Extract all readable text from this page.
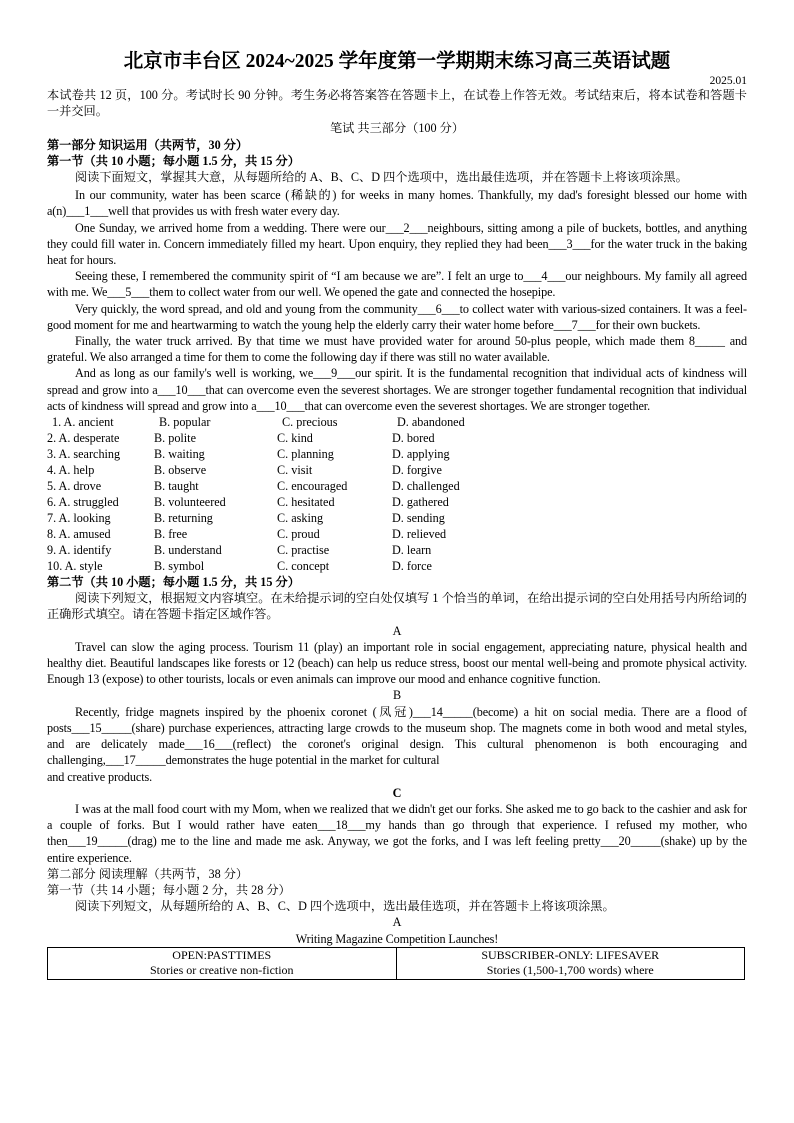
北京市丰台区 2024~2025 学年度第一学期期末练习高三英语试题

2025.01

本试卷共 12 页，100 分。考试时长 90 分钟。考生务必将答案答在答题卡上，在试卷上作答无效。考试结束后，将本试卷和答题卡一并交回。

笔试 共三部分（100 分）

第一部分 知识运用（共两节，30 分）

第一节（共 10 小题；每小题 1.5 分，共 15 分）

阅读下面短文，掌握其大意，从每题所给的 A、B、C、D 四个选项中，选出最佳选项，并在答题卡上将该项涂黑。

In our community, water has been scarce (稀缺的) for weeks in many homes. Thankfully, my dad's foresight blessed our home with a(n)___1___well that provides us with fresh water every day.

One Sunday, we arrived home from a wedding. There were our___2___neighbours, sitting among a pile of buckets, bottles, and anything they could fill water in. Concern immediately filled my heart. Upon enquiry, they replied they had been___3___for the water truck in the baking heat for hours.

Seeing these, I remembered the community spirit of “I am because we are”. I felt an urge to___4___our neighbours. My family all agreed with me. We___5___them to collect water from our well. We opened the gate and connected the hosepipe.

Very quickly, the word spread, and old and young from the community___6___to collect water with various-sized containers. It was a feel-good moment for me and heartwarming to watch the young help the elderly carry their water home before___7___for their own buckets.

Finally, the water truck arrived. By that time we must have provided water for around 50-plus people, which made them 8_____ and grateful. We also arranged a time for them to come the following day if there was still no water available.

And as long as our family's well is working, we___9___our spirit. It is the fundamental recognition that individual acts of kindness will spread and grow into a___10___that can overcome even the severest shortages. We are stronger together fundamental recognition that individual acts of kindness will spread and grow into a___10___that can overcome even the severest shortages. We are stronger together.

1. A. ancient	B. popular	C. precious	D. abandoned
2. A. desperate	B. polite	C. kind	D. bored
3. A. searching	B. waiting	C. planning	D. applying
4. A. help	B. observe	C. visit	D. forgive
5. A. drove	B. taught	C. encouraged	D. challenged
6. A. struggled	B. volunteered	C. hesitated	D. gathered
7. A. looking	B. returning	C. asking	D. sending
8. A. amused	B. free	C. proud	D. relieved
9. A. identify	B. understand	C. practise	D. learn
10. A. style	B. symbol	C. concept	D. force

第二节（共 10 小题；每小题 1.5 分，共 15 分）

阅读下列短文，根据短文内容填空。在未给提示词的空白处仅填写 1 个恰当的单词，在给出提示词的空白处用括号内所给词的正确形式填空。请在答题卡指定区域作答。

A

Travel can slow the aging process. Tourism 11 (play) an important role in social engagement, appreciating nature, physical health and healthy diet. Beautiful landscapes like forests or 12 (beach) can help us reduce stress, boost our mental well-being and promote physical activity. Enough 13 (expose) to other tourists, locals or even animals can improve our mood and enhance cognitive function.

B

Recently, fridge magnets inspired by the phoenix coronet (凤冠)___14_____(become) a hit on social media. There are a flood of posts___15_____(share) purchase experiences, attracting large crowds to the museum shop. The magnets come in both wood and metal styles, and are delicately made___16___(reflect) the coronet's original design. This cultural phenomenon is both encouraging and challenging,___17_____demonstrates the huge potential in the market for cultural

and creative products.

C

I was at the mall food court with my Mom, when we realized that we didn't get our forks. She asked me to go back to the cashier and ask for a couple of forks. But I would rather have eaten___18___my hands than go through that experience. I refused my mother, who then___19_____(drag) me to the line and made me ask. Anyway, we got the forks, and I was left feeling pretty___20_____(shake) up by the entire experience.

第二部分 阅读理解（共两节，38 分）

第一节（共 14 小题；每小题 2 分，共 28 分）

阅读下列短文，从每题所给的 A、B、C、D 四个选项中，选出最佳选项，并在答题卡上将该项涂黑。

A

Writing Magazine Competition Launches!

OPEN:PASTTIMES
Stories or creative non-fiction

SUBSCRIBER-ONLY: LIFESAVER
Stories (1,500-1,700 words) where
